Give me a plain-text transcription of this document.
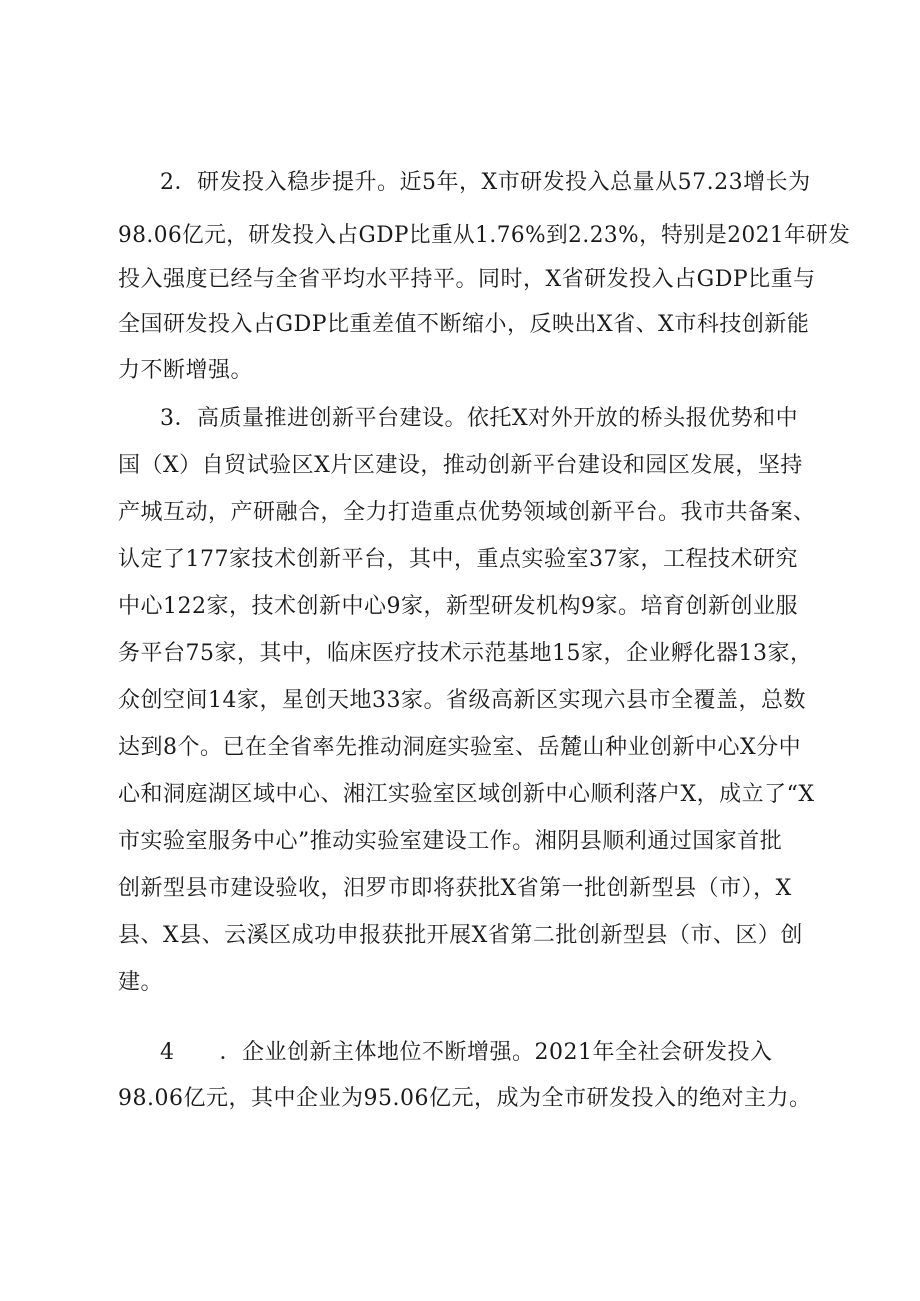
2．研发投入稳步提升。近5年，X市研发投入总量从57.23增长为
98.06亿元，研发投入占GDP比重从1.76%到2.23%，特别是2021年研发
投入强度已经与全省平均水平持平。同时，X省研发投入占GDP比重与
全国研发投入占GDP比重差值不断缩小，反映出X省、X市科技创新能
力不断增强。
3．高质量推进创新平台建设。依托X对外开放的桥头报优势和中
国（X）自贸试验区X片区建设，推动创新平台建设和园区发展，坚持
产城互动，产研融合，全力打造重点优势领域创新平台。我市共备案、
认定了177家技术创新平台，其中，重点实验室37家，工程技术研究
中心122家，技术创新中心9家，新型研发机构9家。培育创新创业服
务平台75家，其中，临床医疗技术示范基地15家，企业孵化器13家，
众创空间14家，星创天地33家。省级高新区实现六县市全覆盖，总数
达到8个。已在全省率先推动洞庭实验室、岳麓山种业创新中心X分中
心和洞庭湖区域中心、湘江实验室区域创新中心顺利落户X，成立了“X
市实验室服务中心”推动实验室建设工作。湘阴县顺利通过国家首批
创新型县市建设验收，汨罗市即将获批X省第一批创新型县（市），X
县、X县、云溪区成功申报获批开展X省第二批创新型县（市、区）创
建。
4　　．企业创新主体地位不断增强。2021年全社会研发投入
98.06亿元，其中企业为95.06亿元，成为全市研发投入的绝对主力。
